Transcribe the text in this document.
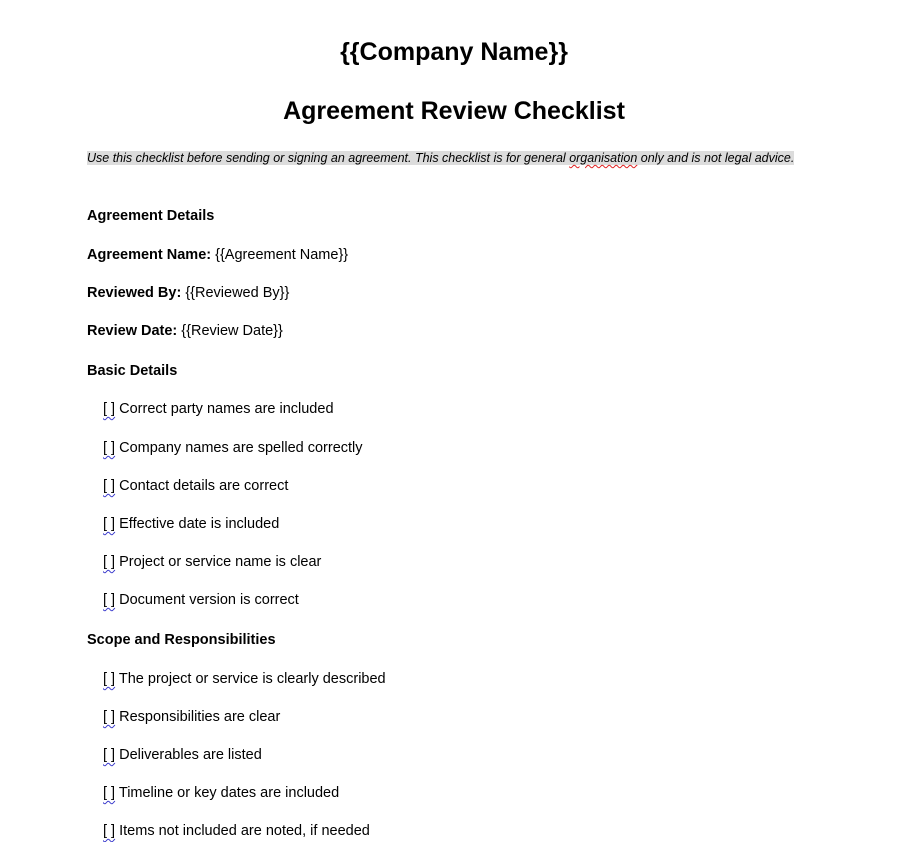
{{Company Name}}
Agreement Review Checklist
Use this checklist before sending or signing an agreement. This checklist is for general organisation only and is not legal advice.
Agreement Details
Agreement Name: {{Agreement Name}}
Reviewed By: {{Reviewed By}}
Review Date: {{Review Date}}
Basic Details
[ ] Correct party names are included
[ ] Company names are spelled correctly
[ ] Contact details are correct
[ ] Effective date is included
[ ] Project or service name is clear
[ ] Document version is correct
Scope and Responsibilities
[ ] The project or service is clearly described
[ ] Responsibilities are clear
[ ] Deliverables are listed
[ ] Timeline or key dates are included
[ ] Items not included are noted, if needed
